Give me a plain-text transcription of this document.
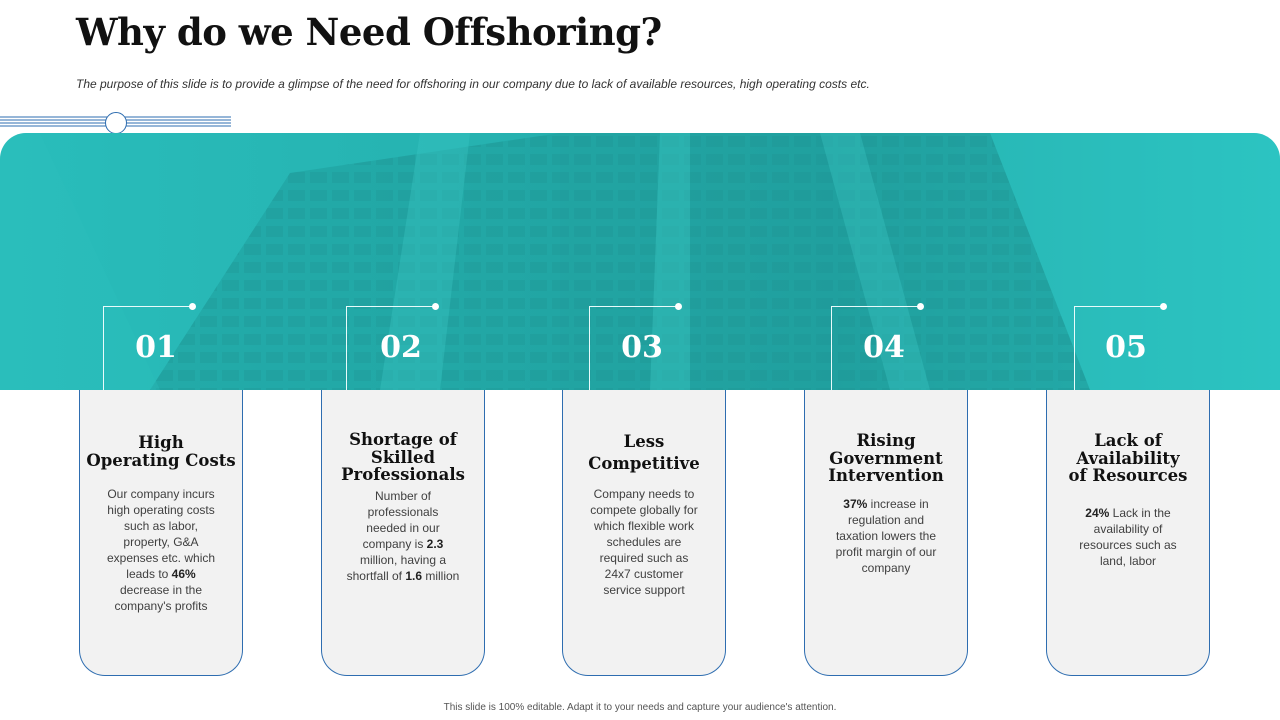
Why do we Need Offshoring?

The purpose of this slide is to provide a glimpse of the need for offshoring in our company due to lack of available resources, high operating costs etc.

01

High
Operating Costs
Our company incurs high operating costs such as labor, property, G&A expenses etc. which leads to 46% decrease in the company's profits

02

Shortage of
Skilled
Professionals
Number of professionals needed in our company is 2.3 million, having a shortfall of 1.6 million

03

Less
Competitive
Company needs to compete globally for which flexible work schedules are required such as 24x7 customer service support

04

Rising
Government
Intervention
37% increase in regulation and taxation lowers the profit margin of our company

05

Lack of
Availability
of Resources
24% Lack in the availability of resources such as land, labor

This slide is 100% editable. Adapt it to your needs and capture your audience's attention.
